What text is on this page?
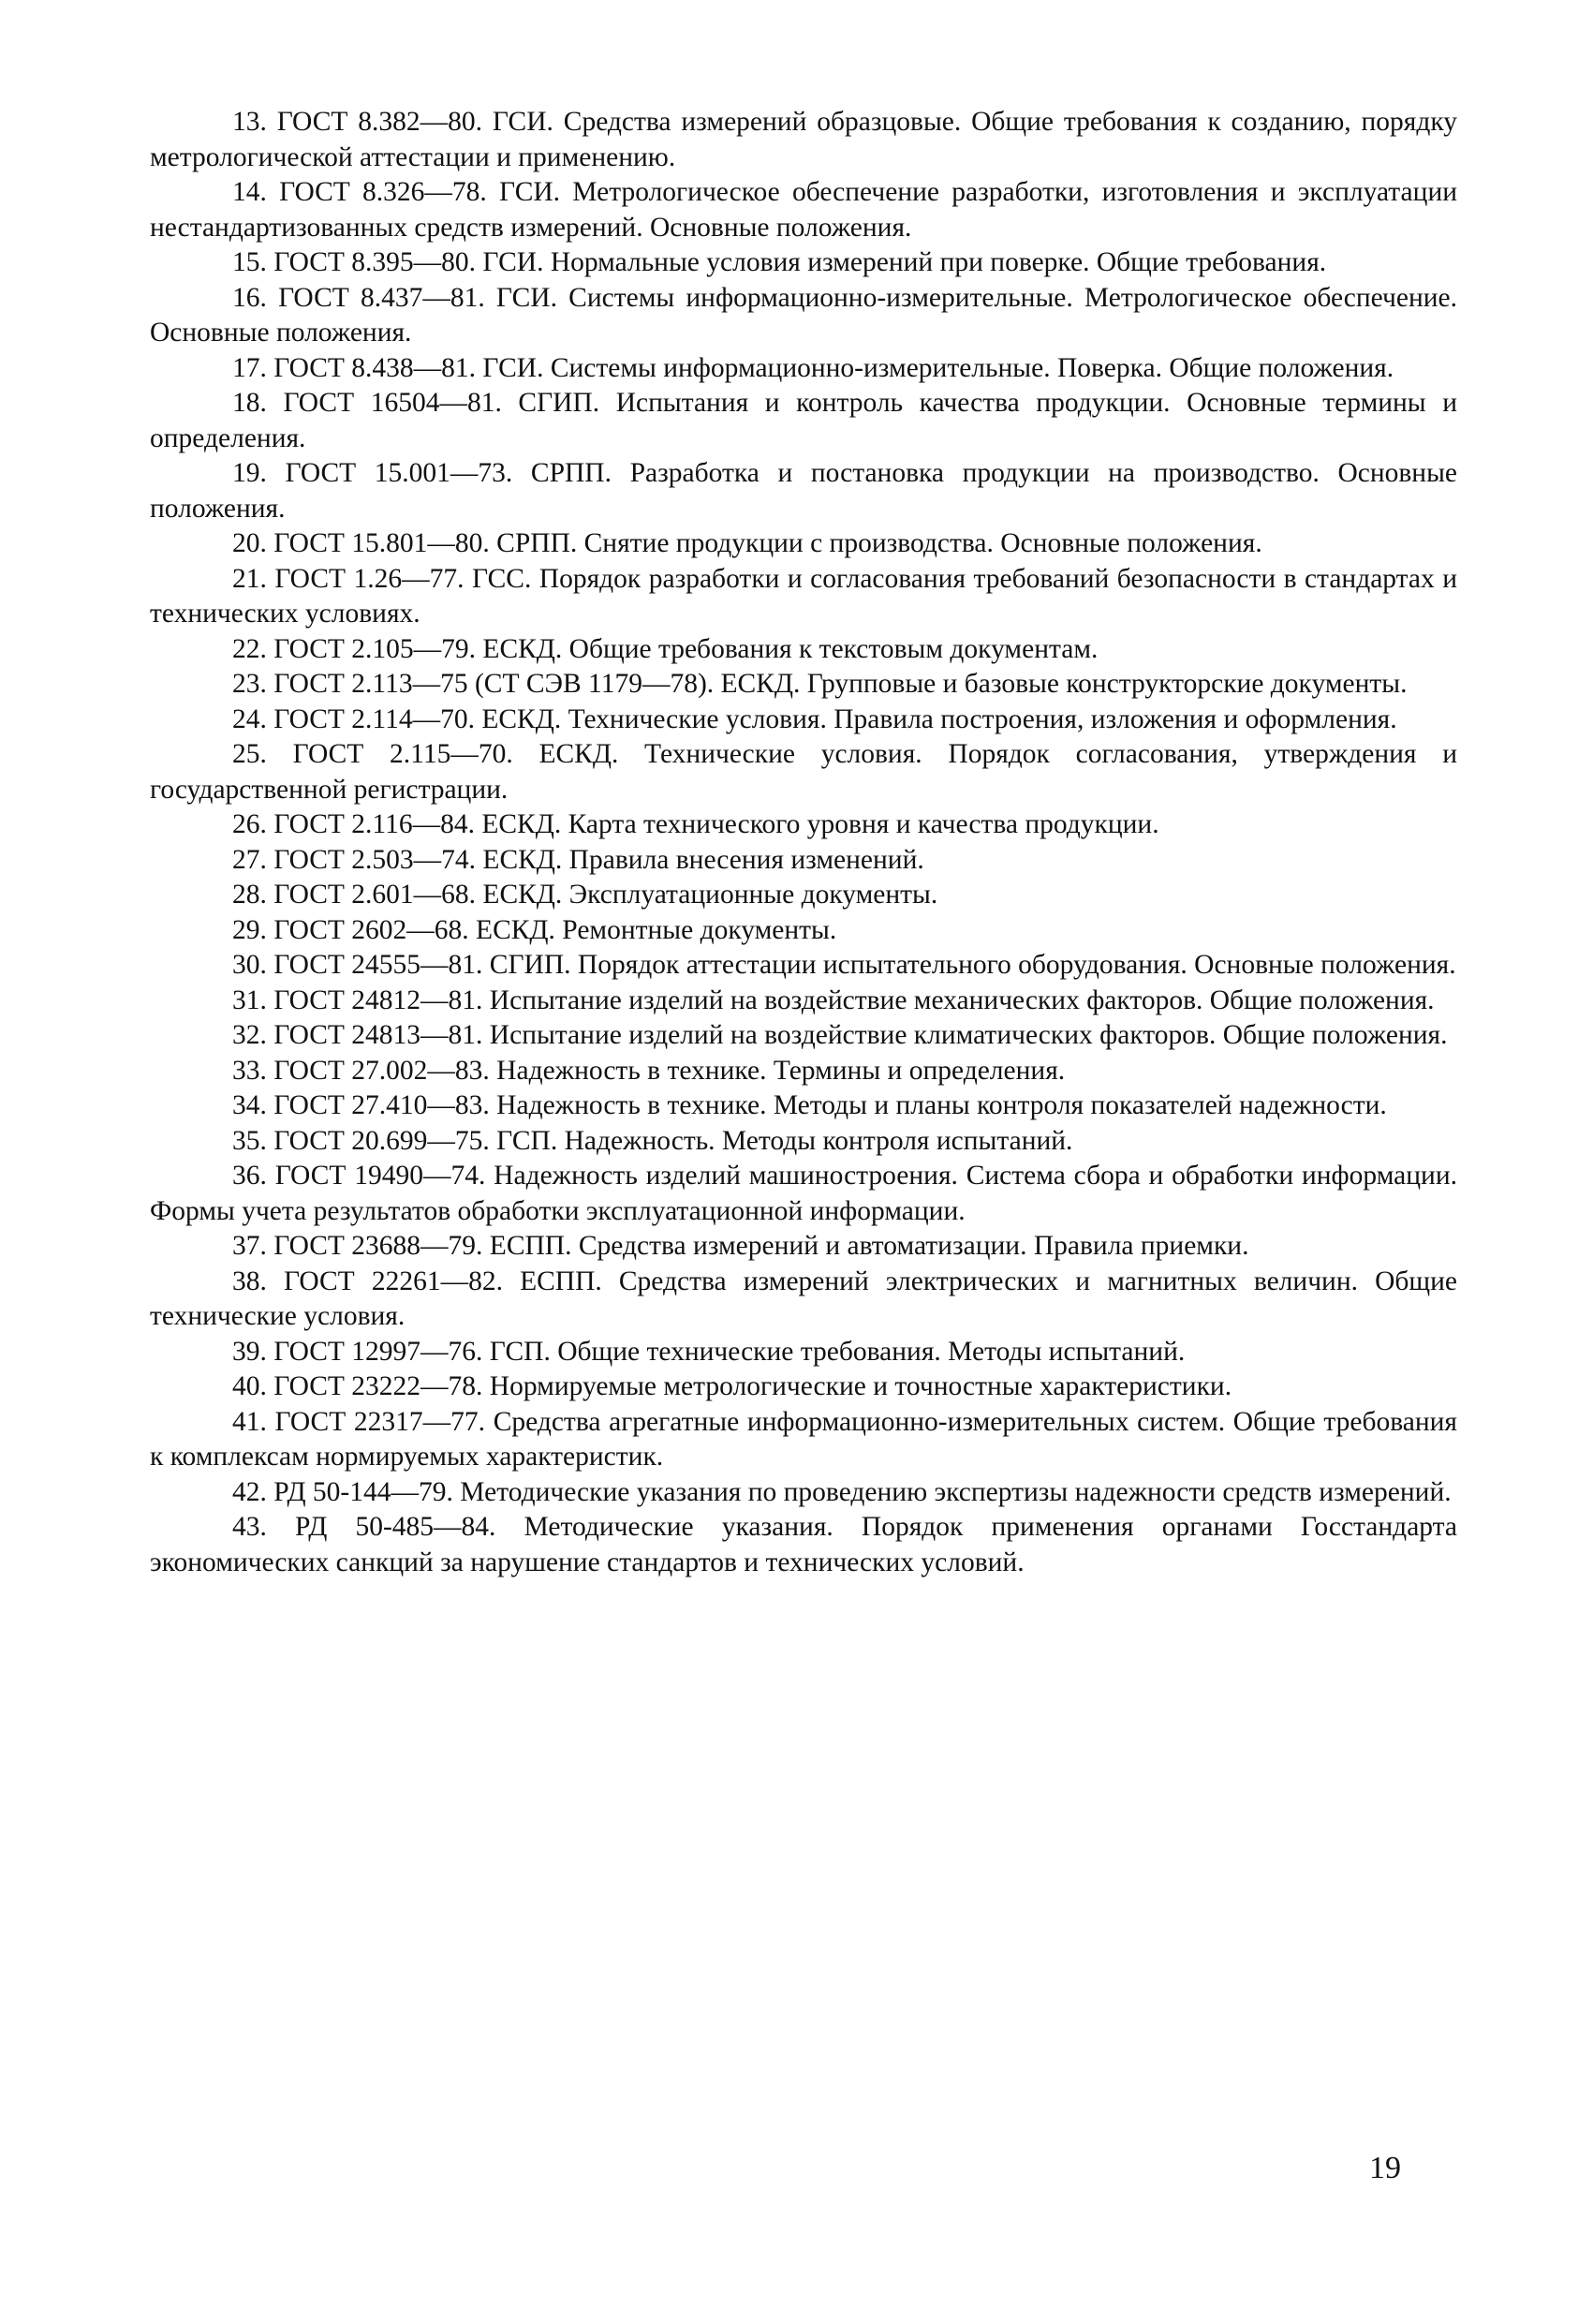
13. ГОСТ 8.382—80. ГСИ. Средства измерений образцовые. Общие требования к созданию, порядку метрологической аттестации и применению.
14. ГОСТ 8.326—78. ГСИ. Метрологическое обеспечение разработки, изготовления и эксплуатации нестандартизованных средств измерений. Основные положения.
15. ГОСТ 8.395—80. ГСИ. Нормальные условия измерений при поверке. Общие требования.
16. ГОСТ 8.437—81. ГСИ. Системы информационно-измерительные. Метрологическое обеспечение. Основные положения.
17. ГОСТ 8.438—81. ГСИ. Системы информационно-измерительные. Поверка. Общие положения.
18. ГОСТ 16504—81. СГИП. Испытания и контроль качества продукции. Основные термины и определения.
19. ГОСТ 15.001—73. СРПП. Разработка и постановка продукции на производство. Основные положения.
20. ГОСТ 15.801—80. СРПП. Снятие продукции с производства. Основные положения.
21. ГОСТ 1.26—77. ГСС. Порядок разработки и согласования требований безопасности в стандартах и технических условиях.
22. ГОСТ 2.105—79. ЕСКД. Общие требования к текстовым документам.
23. ГОСТ 2.113—75 (СТ СЭВ 1179—78). ЕСКД. Групповые и базовые конструкторские документы.
24. ГОСТ 2.114—70. ЕСКД. Технические условия. Правила построения, изложения и оформления.
25. ГОСТ 2.115—70. ЕСКД. Технические условия. Порядок согласования, утверждения и государственной регистрации.
26. ГОСТ 2.116—84. ЕСКД. Карта технического уровня и качества продукции.
27. ГОСТ 2.503—74. ЕСКД. Правила внесения изменений.
28. ГОСТ 2.601—68. ЕСКД. Эксплуатационные документы.
29. ГОСТ 2602—68. ЕСКД. Ремонтные документы.
30. ГОСТ 24555—81. СГИП. Порядок аттестации испытательного оборудования. Основные положения.
31. ГОСТ 24812—81. Испытание изделий на воздействие механических факторов. Общие положения.
32. ГОСТ 24813—81. Испытание изделий на воздействие климатических факторов. Общие положения.
33. ГОСТ 27.002—83. Надежность в технике. Термины и определения.
34. ГОСТ 27.410—83. Надежность в технике. Методы и планы контроля показателей надежности.
35. ГОСТ 20.699—75. ГСП. Надежность. Методы контроля испытаний.
36. ГОСТ 19490—74. Надежность изделий машиностроения. Система сбора и обработки информации. Формы учета результатов обработки эксплуатационной информации.
37. ГОСТ 23688—79. ЕСПП. Средства измерений и автоматизации. Правила приемки.
38. ГОСТ 22261—82. ЕСПП. Средства измерений электрических и магнитных величин. Общие технические условия.
39. ГОСТ 12997—76. ГСП. Общие технические требования. Методы испытаний.
40. ГОСТ 23222—78. Нормируемые метрологические и точностные характеристики.
41. ГОСТ 22317—77. Средства агрегатные информационно-измерительных систем. Общие требования к комплексам нормируемых характеристик.
42. РД 50-144—79. Методические указания по проведению экспертизы надежности средств измерений.
43. РД 50-485—84. Методические указания. Порядок применения органами Госстандарта экономических санкций за нарушение стандартов и технических условий.
19
